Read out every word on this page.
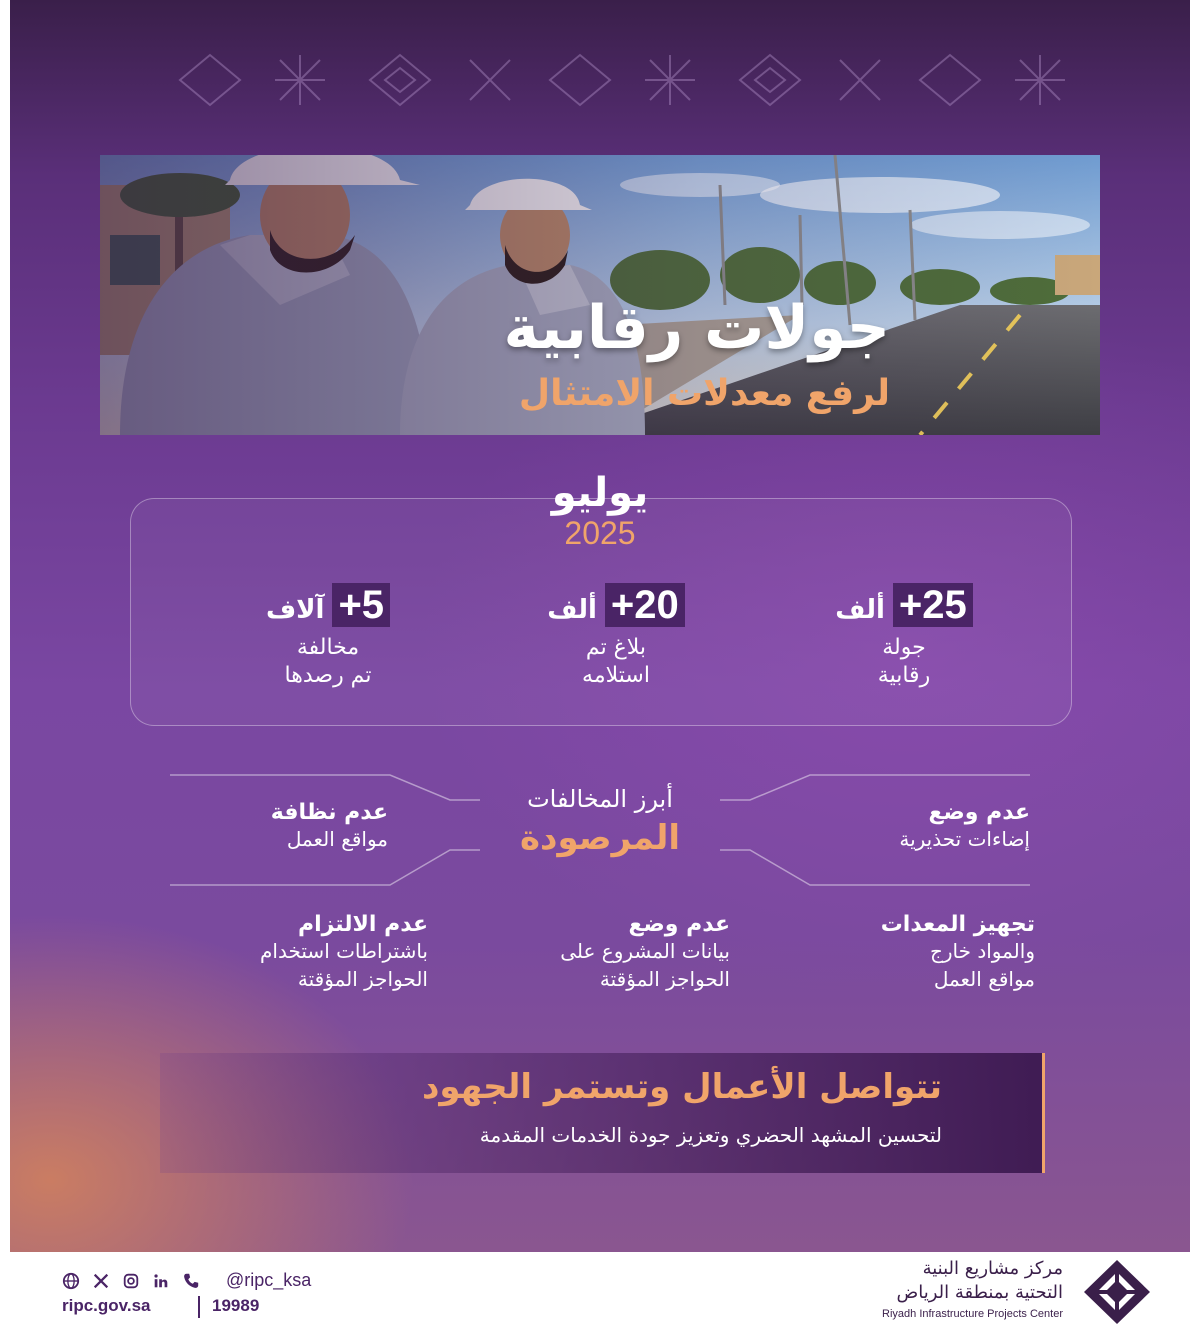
جولات رقابية
لرفع معدلات الامتثال
يوليو
2025
+25ألف
جولة
رقابية
+20ألف
بلاغ تم
استلامه
+5آلاف
مخالفة
تم رصدها
أبرز المخالفات
المرصودة
عدم وضع
إضاءات تحذيرية
عدم نظافة
مواقع العمل
تجهيز المعدات
والمواد خارج
مواقع العمل
عدم وضع
بيانات المشروع على
الحواجز المؤقتة
عدم الالتزام
باشتراطات استخدام
الحواجز المؤقتة
تتواصل الأعمال وتستمر الجهود
لتحسين المشهد الحضري وتعزيز جودة الخدمات المقدمة
@ripc_ksa
ripc.gov.sa	19989
مركز مشاريع البنية
التحتية بمنطقة الرياض
Riyadh Infrastructure Projects Center
